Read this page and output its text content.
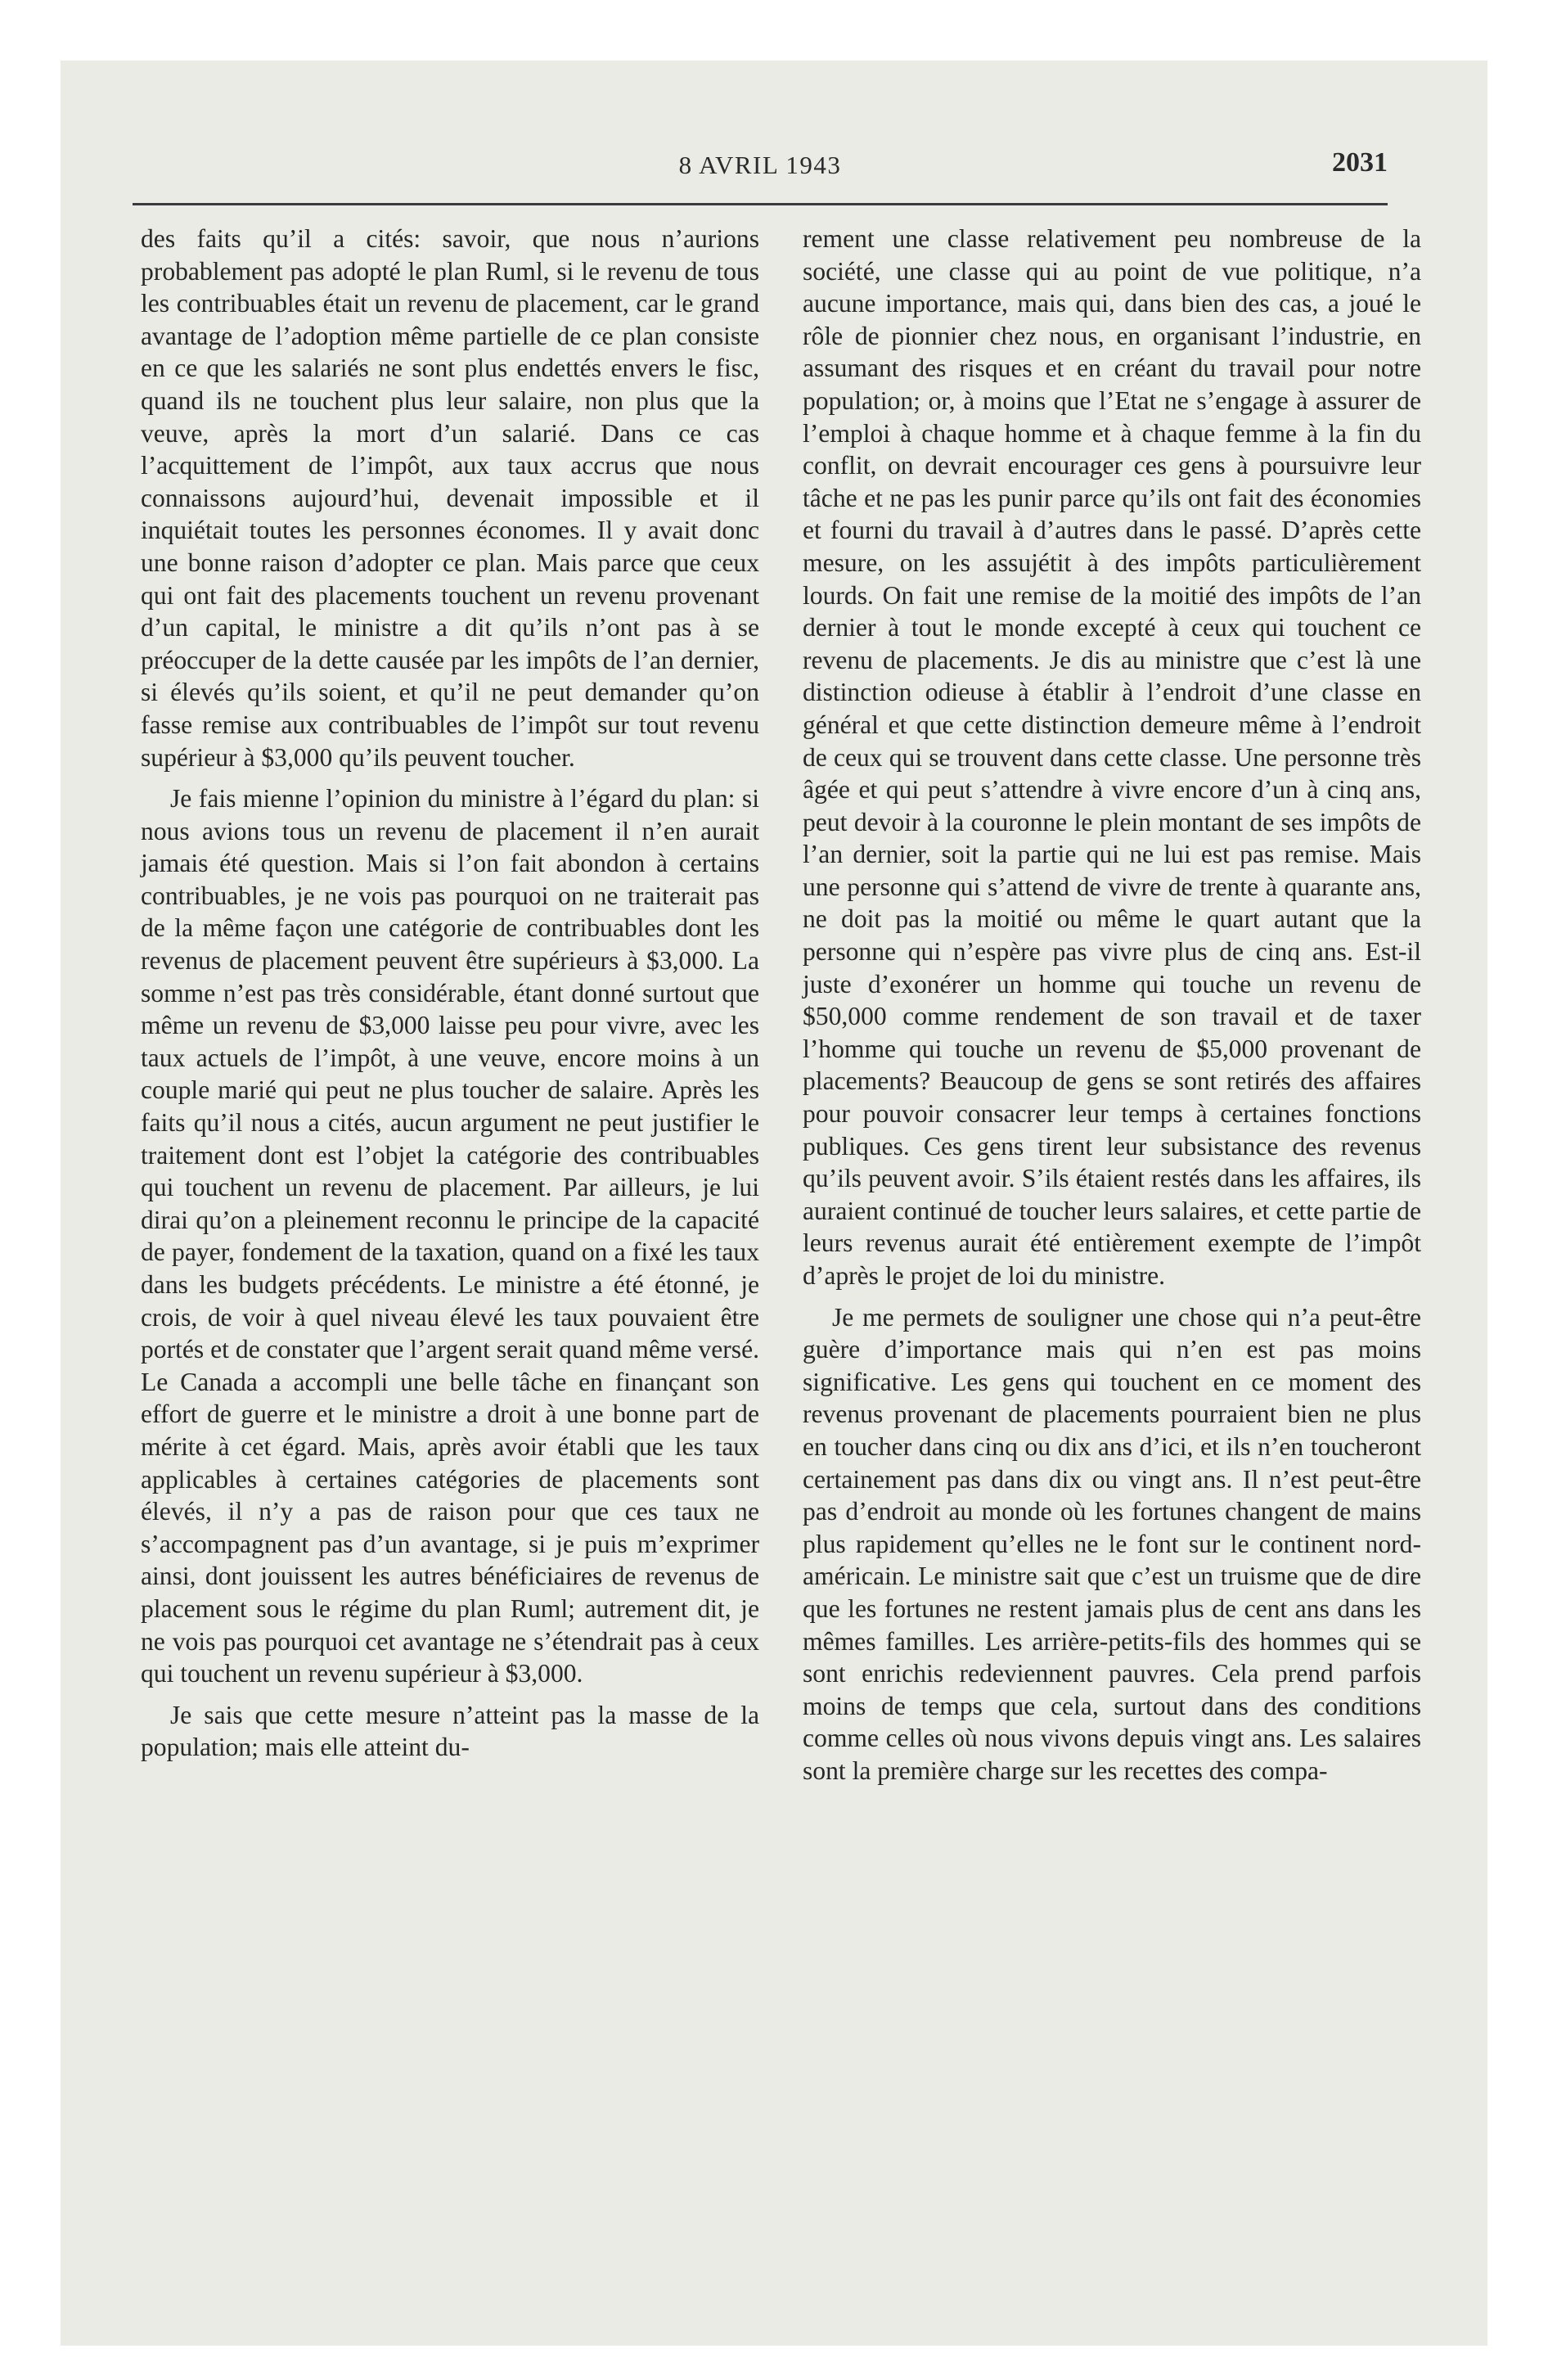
8 AVRIL 1943	2031

des faits qu’il a cités: savoir, que nous n’aurions probablement pas adopté le plan Ruml, si le revenu de tous les contribuables était un revenu de placement, car le grand avantage de l’adoption même partielle de ce plan consiste en ce que les salariés ne sont plus endettés envers le fisc, quand ils ne touchent plus leur salaire, non plus que la veuve, après la mort d’un salarié. Dans ce cas l’acquittement de l’impôt, aux taux accrus que nous connaissons aujourd’hui, devenait impossible et il inquiétait toutes les personnes économes. Il y avait donc une bonne raison d’adopter ce plan. Mais parce que ceux qui ont fait des placements touchent un revenu provenant d’un capital, le ministre a dit qu’ils n’ont pas à se préoccuper de la dette causée par les impôts de l’an dernier, si élevés qu’ils soient, et qu’il ne peut demander qu’on fasse remise aux contribuables de l’impôt sur tout revenu supérieur à $3,000 qu’ils peuvent toucher.

Je fais mienne l’opinion du ministre à l’égard du plan: si nous avions tous un revenu de placement il n’en aurait jamais été question. Mais si l’on fait abondon à certains contribuables, je ne vois pas pourquoi on ne traiterait pas de la même façon une catégorie de contribuables dont les revenus de placement peuvent être supérieurs à $3,000. La somme n’est pas très considérable, étant donné surtout que même un revenu de $3,000 laisse peu pour vivre, avec les taux actuels de l’impôt, à une veuve, encore moins à un couple marié qui peut ne plus toucher de salaire. Après les faits qu’il nous a cités, aucun argument ne peut justifier le traitement dont est l’objet la catégorie des contribuables qui touchent un revenu de placement. Par ailleurs, je lui dirai qu’on a pleinement reconnu le principe de la capacité de payer, fondement de la taxation, quand on a fixé les taux dans les budgets précédents. Le ministre a été étonné, je crois, de voir à quel niveau élevé les taux pouvaient être portés et de constater que l’argent serait quand même versé. Le Canada a accompli une belle tâche en finançant son effort de guerre et le ministre a droit à une bonne part de mérite à cet égard. Mais, après avoir établi que les taux applicables à certaines catégories de placements sont élevés, il n’y a pas de raison pour que ces taux ne s’accompagnent pas d’un avantage, si je puis m’exprimer ainsi, dont jouissent les autres bénéficiaires de revenus de placement sous le régime du plan Ruml; autrement dit, je ne vois pas pourquoi cet avantage ne s’étendrait pas à ceux qui touchent un revenu supérieur à $3,000.

Je sais que cette mesure n’atteint pas la masse de la population; mais elle atteint du-

rement une classe relativement peu nombreuse de la société, une classe qui au point de vue politique, n’a aucune importance, mais qui, dans bien des cas, a joué le rôle de pionnier chez nous, en organisant l’industrie, en assumant des risques et en créant du travail pour notre population; or, à moins que l’Etat ne s’engage à assurer de l’emploi à chaque homme et à chaque femme à la fin du conflit, on devrait encourager ces gens à poursuivre leur tâche et ne pas les punir parce qu’ils ont fait des économies et fourni du travail à d’autres dans le passé. D’après cette mesure, on les assujétit à des impôts particulièrement lourds. On fait une remise de la moitié des impôts de l’an dernier à tout le monde excepté à ceux qui touchent ce revenu de placements. Je dis au ministre que c’est là une distinction odieuse à établir à l’endroit d’une classe en général et que cette distinction demeure même à l’endroit de ceux qui se trouvent dans cette classe. Une personne très âgée et qui peut s’attendre à vivre encore d’un à cinq ans, peut devoir à la couronne le plein montant de ses impôts de l’an dernier, soit la partie qui ne lui est pas remise. Mais une personne qui s’attend de vivre de trente à quarante ans, ne doit pas la moitié ou même le quart autant que la personne qui n’espère pas vivre plus de cinq ans. Est-il juste d’exonérer un homme qui touche un revenu de $50,000 comme rendement de son travail et de taxer l’homme qui touche un revenu de $5,000 provenant de placements? Beaucoup de gens se sont retirés des affaires pour pouvoir consacrer leur temps à certaines fonctions publiques. Ces gens tirent leur subsistance des revenus qu’ils peuvent avoir. S’ils étaient restés dans les affaires, ils auraient continué de toucher leurs salaires, et cette partie de leurs revenus aurait été entièrement exempte de l’impôt d’après le projet de loi du ministre.

Je me permets de souligner une chose qui n’a peut-être guère d’importance mais qui n’en est pas moins significative. Les gens qui touchent en ce moment des revenus provenant de placements pourraient bien ne plus en toucher dans cinq ou dix ans d’ici, et ils n’en toucheront certainement pas dans dix ou vingt ans. Il n’est peut-être pas d’endroit au monde où les fortunes changent de mains plus rapidement qu’elles ne le font sur le continent nord-américain. Le ministre sait que c’est un truisme que de dire que les fortunes ne restent jamais plus de cent ans dans les mêmes familles. Les arrière-petits-fils des hommes qui se sont enrichis redeviennent pauvres. Cela prend parfois moins de temps que cela, surtout dans des conditions comme celles où nous vivons depuis vingt ans. Les salaires sont la première charge sur les recettes des compa-
